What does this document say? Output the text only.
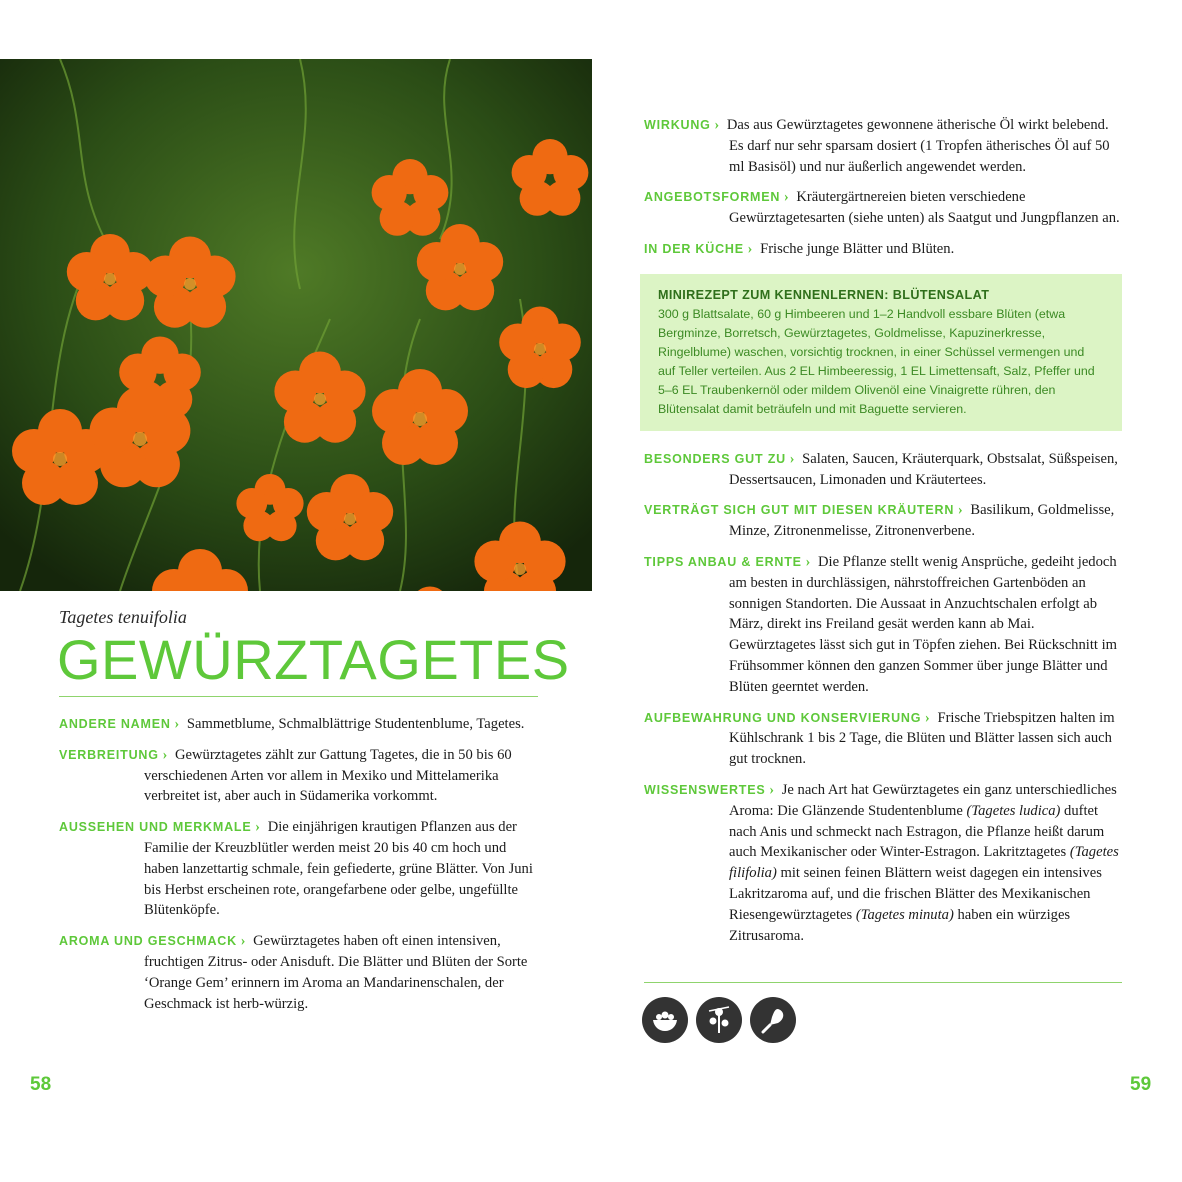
Tagetes tenuifolia
GEWÜRZTAGETES
ANDERE NAMEN › Sammetblume, Schmalblättrige Studentenblume, Tagetes.
VERBREITUNG › Gewürztagetes zählt zur Gattung Tagetes, die in 50 bis 60 verschiedenen Arten vor allem in Mexiko und Mittelamerika verbreitet ist, aber auch in Südamerika vorkommt.
AUSSEHEN UND MERKMALE › Die einjährigen krautigen Pflanzen aus der Familie der Kreuzblütler werden meist 20 bis 40 cm hoch und haben lanzettartig schmale, fein gefiederte, grüne Blätter. Von Juni bis Herbst erscheinen rote, orangefarbene oder gelbe, ungefüllte Blütenköpfe.
AROMA UND GESCHMACK › Gewürztagetes haben oft einen intensiven, fruchtigen Zitrus- oder Anisduft. Die Blätter und Blüten der Sorte ‘Orange Gem’ erinnern im Aroma an Mandarinenschalen, der Geschmack ist herb-würzig.
WIRKUNG › Das aus Gewürztagetes gewonnene ätherische Öl wirkt belebend. Es darf nur sehr sparsam dosiert (1 Tropfen ätherisches Öl auf 50 ml Basisöl) und nur äußerlich angewendet werden.
ANGEBOTSFORMEN › Kräutergärtnereien bieten verschiedene Gewürztagetesarten (siehe unten) als Saatgut und Jungpflanzen an.
IN DER KÜCHE › Frische junge Blätter und Blüten.
MINIREZEPT ZUM KENNENLERNEN: BLÜTENSALAT
300 g Blattsalate, 60 g Himbeeren und 1–2 Handvoll essbare Blüten (etwa Bergminze, Borretsch, Gewürztagetes, Goldmelisse, Kapuzinerkresse, Ringelblume) waschen, vorsichtig trocknen, in einer Schüssel vermengen und auf Teller verteilen. Aus 2 EL Himbeeressig, 1 EL Limettensaft, Salz, Pfeffer und 5–6 EL Traubenkernöl oder mildem Olivenöl eine Vinaigrette rühren, den Blütensalat damit beträufeln und mit Baguette servieren.
BESONDERS GUT ZU › Salaten, Saucen, Kräuterquark, Obstsalat, Süßspeisen, Dessertsaucen, Limonaden und Kräutertees.
VERTRÄGT SICH GUT MIT DIESEN KRÄUTERN › Basilikum, Goldmelisse, Minze, Zitronenmelisse, Zitronenverbene.
TIPPS ANBAU & ERNTE › Die Pflanze stellt wenig Ansprüche, gedeiht jedoch am besten in durchlässigen, nährstoffreichen Gartenböden an sonnigen Standorten. Die Aussaat in Anzuchtschalen erfolgt ab März, direkt ins Freiland gesät werden kann ab Mai. Gewürztagetes lässt sich gut in Töpfen ziehen. Bei Rückschnitt im Frühsommer können den ganzen Sommer über junge Blätter und Blüten geerntet werden.
AUFBEWAHRUNG UND KONSERVIERUNG › Frische Triebspitzen halten im Kühlschrank 1 bis 2 Tage, die Blüten und Blätter lassen sich auch gut trocknen.
WISSENSWERTES › Je nach Art hat Gewürztagetes ein ganz unterschiedliches Aroma: Die Glänzende Studentenblume (Tagetes ludica) duftet nach Anis und schmeckt nach Estragon, die Pflanze heißt darum auch Mexikanischer oder Winter-Estragon. Lakritztagetes (Tagetes filifolia) mit seinen feinen Blättern weist dagegen ein intensives Lakritzaroma auf, und die frischen Blätter des Mexikanischen Riesengewürztagetes (Tagetes minuta) haben ein würziges Zitrusaroma.
58	59
